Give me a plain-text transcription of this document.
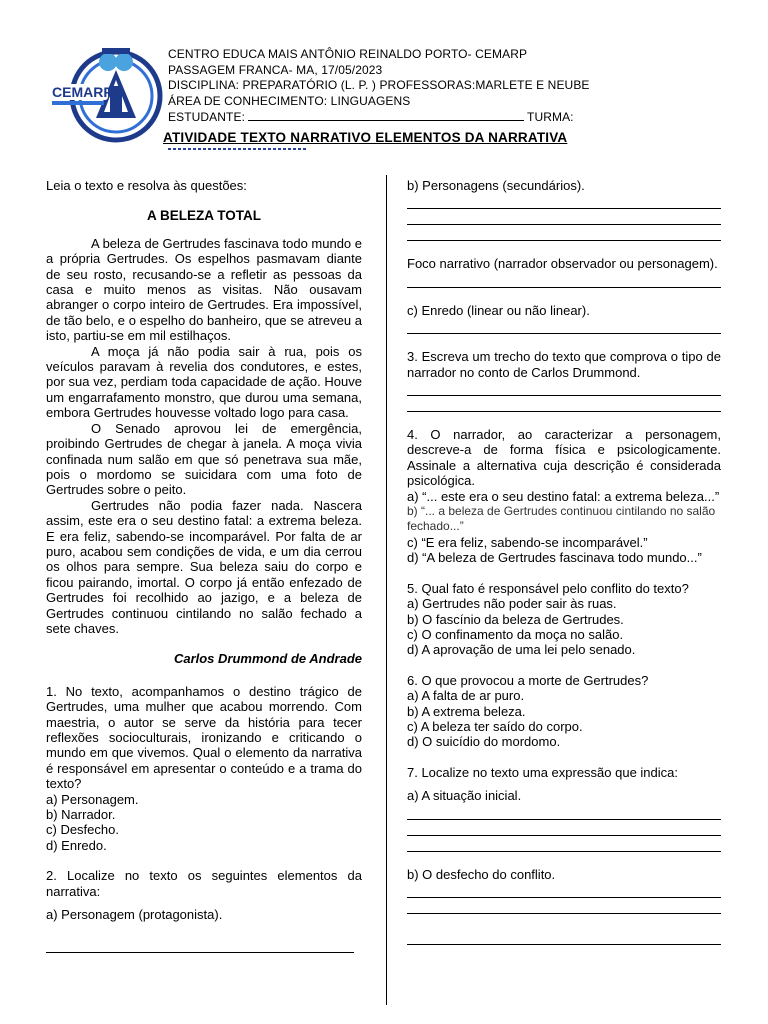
CEMARP
CENTRO EDUCA MAIS ANTÔNIO REINALDO PORTO- CEMARP
PASSAGEM FRANCA- MA, 17/05/2023
DISCIPLINA: PREPARATÓRIO (L. P. ) PROFESSORAS:MARLETE E NEUBE
ÁREA DE CONHECIMENTO: LINGUAGENS
ESTUDANTE:	TURMA:
ATIVIDADE TEXTO NARRATIVO ELEMENTOS DA NARRATIVA

Leia o texto e resolva às questões:

A BELEZA TOTAL

A beleza de Gertrudes fascinava todo mundo e a própria Gertrudes. Os espelhos pasmavam diante de seu rosto, recusando-se a refletir as pessoas da casa e muito menos as visitas. Não ousavam abranger o corpo inteiro de Gertrudes. Era impossível, de tão belo, e o espelho do banheiro, que se atreveu a isto, partiu-se em mil estilhaços.

A moça já não podia sair à rua, pois os veículos paravam à revelia dos condutores, e estes, por sua vez, perdiam toda capacidade de ação. Houve um engarrafamento monstro, que durou uma semana, embora Gertrudes houvesse voltado logo para casa.

O Senado aprovou lei de emergência, proibindo Gertrudes de chegar à janela. A moça vivia confinada num salão em que só penetrava sua mãe, pois o mordomo se suicidara com uma foto de Gertrudes sobre o peito.

Gertrudes não podia fazer nada. Nascera assim, este era o seu destino fatal: a extrema beleza. E era feliz, sabendo-se incomparável. Por falta de ar puro, acabou sem condições de vida, e um dia cerrou os olhos para sempre. Sua beleza saiu do corpo e ficou pairando, imortal. O corpo já então enfezado de Gertrudes foi recolhido ao jazigo, e a beleza de Gertrudes continuou cintilando no salão fechado a sete chaves.

Carlos Drummond de Andrade

1. No texto, acompanhamos o destino trágico de Gertrudes, uma mulher que acabou morrendo. Com maestria, o autor se serve da história para tecer reflexões socioculturais, ironizando e criticando o mundo em que vivemos. Qual o elemento da narrativa é responsável em apresentar o conteúdo e a trama do texto?

a) Personagem.

b) Narrador.

c) Desfecho.

d) Enredo.

2. Localize no texto os seguintes elementos da narrativa:

a) Personagem (protagonista).

b) Personagens (secundários).

Foco narrativo (narrador observador ou personagem).

c) Enredo (linear ou não linear).

3. Escreva um trecho do texto que comprova o tipo de narrador no conto de Carlos Drummond.

4. O narrador, ao caracterizar a personagem, descreve-a de forma física e psicologicamente. Assinale a alternativa cuja descrição é considerada psicológica.

a) “... este era o seu destino fatal: a extrema beleza...”

b) “... a beleza de Gertrudes continuou cintilando no salão fechado...”

c) “E era feliz, sabendo-se incomparável.”

d) “A beleza de Gertrudes fascinava todo mundo...”

5. Qual fato é responsável pelo conflito do texto?

a) Gertrudes não poder sair às ruas.

b) O fascínio da beleza de Gertrudes.

c) O confinamento da moça no salão.

d) A aprovação de uma lei pelo senado.

6. O que provocou a morte de Gertrudes?

a) A falta de ar puro.

b) A extrema beleza.

c) A beleza ter saído do corpo.

d) O suicídio do mordomo.

7. Localize no texto uma expressão que indica:

a) A situação inicial.

b) O desfecho do conflito.
